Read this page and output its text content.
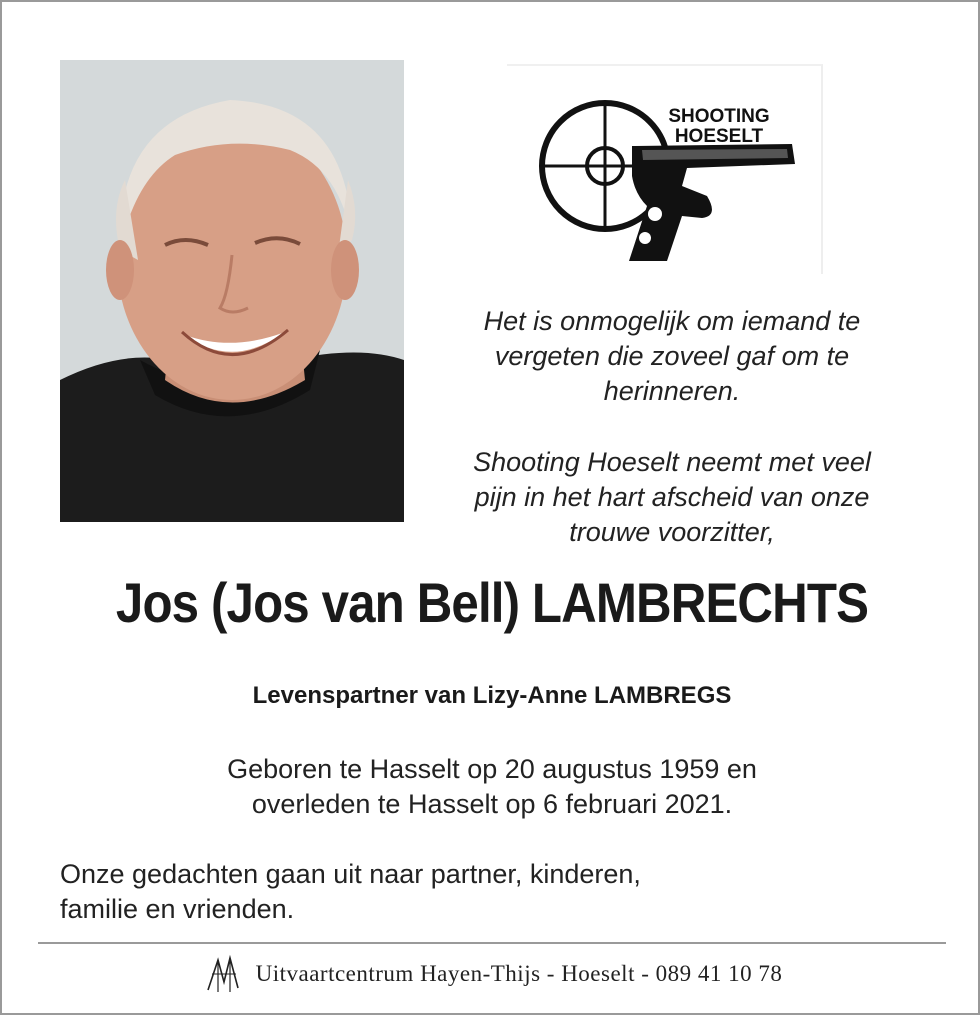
SHOOTING
HOESELT
Het is onmogelijk om iemand te
vergeten die zoveel gaf om te
herinneren.
Shooting Hoeselt neemt met veel
pijn in het hart afscheid van onze
trouwe voorzitter,
Jos (Jos van Bell) LAMBRECHTS
Levenspartner van Lizy-Anne LAMBREGS
Geboren te Hasselt op 20 augustus 1959 en
overleden te Hasselt op 6 februari 2021.
Onze gedachten gaan uit naar partner, kinderen,
familie en vrienden.
Uitvaartcentrum Hayen-Thijs - Hoeselt - 089 41 10 78
